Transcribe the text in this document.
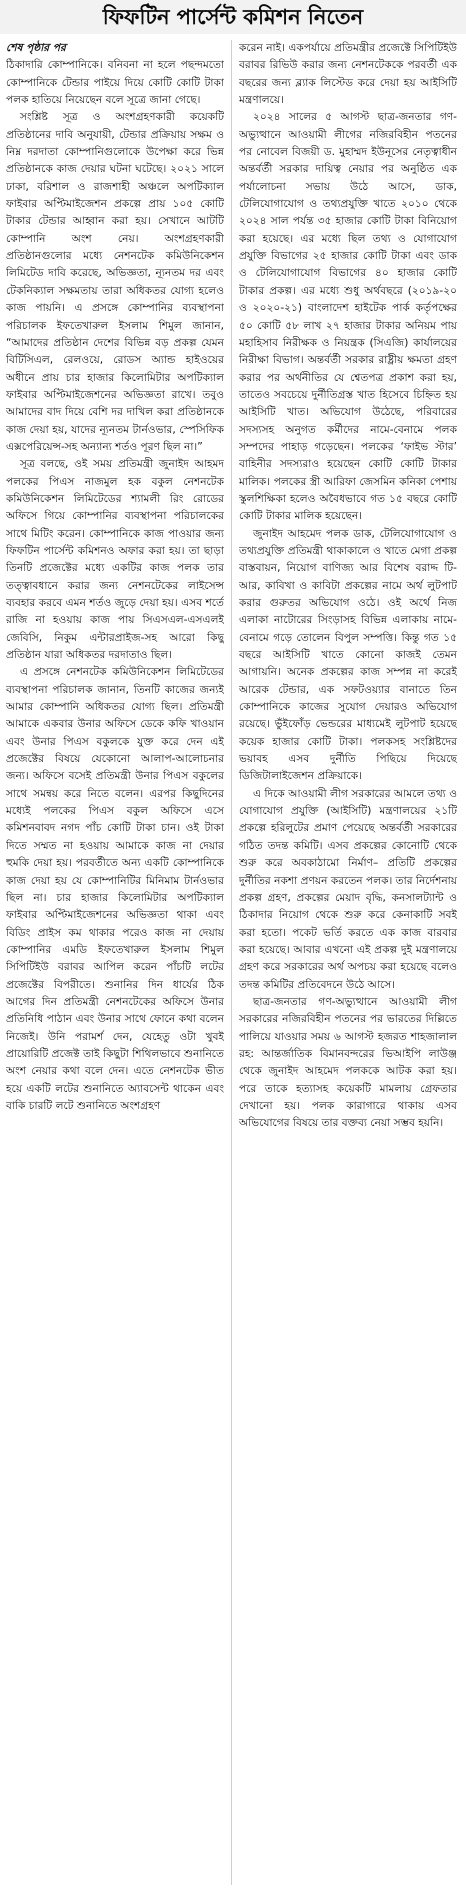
ফিফটিন পার্সেন্ট কমিশন নিতেন

শেষ পৃষ্ঠার পর

ঠিকাদারি কোম্পানিকে। বনিবনা না হলে পছন্দমতো কোম্পানিকে টেন্ডার পাইয়ে দিয়ে কোটি কোটি টাকা পলক হাতিয়ে নিয়েছেন বলে সূত্রে জানা গেছে।

সংশ্লিষ্ট সূত্র ও অংশগ্রহণকারী কয়েকটি প্রতিষ্ঠানের দাবি অনুযায়ী, টেন্ডার প্রক্রিয়ায় সক্ষম ও নিম্ন দরদাতা কোম্পানিগুলোকে উপেক্ষা করে ভিন্ন প্রতিষ্ঠানকে কাজ দেয়ার ঘটনা ঘটেছে। ২০২১ সালে ঢাকা, বরিশাল ও রাজশাহী অঞ্চলে অপটিক্যাল ফাইবার অপ্টিমাইজেশন প্রকল্পে প্রায় ১০৫ কোটি টাকার টেন্ডার আহ্বান করা হয়। সেখানে আটটি কোম্পানি অংশ নেয়। অংশগ্রহণকারী প্রতিষ্ঠানগুলোর মধ্যে নেশনটেক কমিউনিকেশন লিমিটেড দাবি করেছে, অভিজ্ঞতা, ন্যূনতম দর এবং টেকনিক্যাল সক্ষমতায় তারা অধিকতর যোগ্য হলেও কাজ পায়নি। এ প্রসঙ্গে কোম্পানির ব্যবস্থাপনা পরিচালক ইফতেখারুল ইসলাম শিমুল জানান, “আমাদের প্রতিষ্ঠান দেশের বিভিন্ন বড় প্রকল্প যেমন বিটিসিএল, রেলওয়ে, রোডস অ্যান্ড হাইওয়ের অধীনে প্রায় চার হাজার কিলোমিটার অপটিক্যাল ফাইবার অপ্টিমাইজেশনের অভিজ্ঞতা রাখে। তবুও আমাদের বাদ দিয়ে বেশি দর দাখিল করা প্রতিষ্ঠানকে কাজ দেয়া হয়, যাদের ন্যূনতম টার্নওভার, স্পেসিফিক এক্সপেরিয়েন্স-সহ অন্যান্য শর্তও পূরণ ছিল না।”

সূত্র বলছে, ওই সময় প্রতিমন্ত্রী জুনাইদ আহমদ পলকের পিএস নাজমুল হক বকুল নেশনটেক কমিউনিকেশন লিমিটেডের শ্যামলী রিং রোডের অফিসে গিয়ে কোম্পানির ব্যবস্থাপনা পরিচালকের সাথে মিটিং করেন। কোম্পানিকে কাজ পাওয়ার জন্য ফিফটিন পার্সেন্ট কমিশনও অফার করা হয়। তা ছাড়া তিনটি প্রজেক্টের মধ্যে একটির কাজ পলক তার তত্ত্বাবধানে করার জন্য নেশনটেকের লাইসেন্স ব্যবহার করবে এমন শর্তও জুড়ে দেয়া হয়। এসব শর্তে রাজি না হওয়ায় কাজ পায় সিএসএল-এসএলই জেবিসি, নিকুম এন্টারপ্রাইজ-সহ আরো কিছু প্রতিষ্ঠান যারা অধিকতর দরদাতাও ছিল।

এ প্রসঙ্গে নেশনটেক কমিউনিকেশন লিমিটেডের ব্যবস্থাপনা পরিচালক জানান, তিনটি কাজের জন্যই আমার কোম্পানি অধিকতর যোগ্য ছিল। প্রতিমন্ত্রী আমাকে একবার উনার অফিসে ডেকে কফি খাওয়ান এবং উনার পিএস বকুলকে যুক্ত করে দেন এই প্রজেক্টের বিষয়ে যেকোনো আলাপ-আলোচনার জন্য। অফিসে বসেই প্রতিমন্ত্রী উনার পিএস বকুলের সাথে সমন্বয় করে নিতে বলেন। এরপর কিছুদিনের মধ্যেই পলকের পিএস বকুল অফিসে এসে কমিশনবাবদ নগদ পাঁচ কোটি টাকা চান। ওই টাকা দিতে সম্মত না হওয়ায় আমাকে কাজ না দেয়ার হুমকি দেয়া হয়। পরবর্তীতে অন্য একটি কোম্পানিকে কাজ দেয়া হয় যে কোম্পানিটির মিনিমাম টার্নওভার ছিল না। চার হাজার কিলোমিটার অপটিক্যাল ফাইবার অপ্টিমাইজেশনের অভিজ্ঞতা থাকা এবং বিডিং প্রাইস কম থাকার পরেও কাজ না দেয়ায় কোম্পানির এমডি ইফতেখারুল ইসলাম শিমুল সিপিটিইউ বরাবর আপিল করেন পাঁচটি লটের প্রজেক্টের বিপরীতে। শুনানির দিন ধার্যের ঠিক আগের দিন প্রতিমন্ত্রী নেশনটেকের অফিসে উনার প্রতিনিধি পাঠান এবং উনার সাথে ফোনে কথা বলেন নিজেই। উনি পরামর্শ দেন, যেহেতু ওটা খুবই প্রায়োরিটি প্রজেক্ট তাই কিছুটা শিথিলভাবে শুনানিতে অংশ নেয়ার কথা বলে দেন। এতে নেশনটেক ভীত হয়ে একটি লটের শুনানিতে অ্যাবসেন্ট থাকেন এবং বাকি চারটি লটে শুনানিতে অংশগ্রহণ

করেন নাই। একপর্যায়ে প্রতিমন্ত্রীর প্রজেক্টে সিপিটিইউ বরাবর রিভিউ করার জন্য নেশনটেককে পরবর্তী এক বছরের জন্য ব্ল্যাক লিস্টেড করে দেয়া হয় আইসিটি মন্ত্রণালয়ে।

২০২৪ সালের ৫ আগস্ট ছাত্র-জনতার গণ-অভ্যুত্থানে আওয়ামী লীগের নজিরবিহীন পতনের পর নোবেল বিজয়ী ড. মুহাম্মদ ইউনূসের নেতৃত্বাধীন অন্তর্বর্তী সরকার দায়িত্ব নেয়ার পর অনুষ্ঠিত এক পর্যালোচনা সভায় উঠে আসে, ডাক, টেলিযোগাযোগ ও তথ্যপ্রযুক্তি খাতে ২০১০ থেকে ২০২৪ সাল পর্যন্ত ৩৫ হাজার কোটি টাকা বিনিয়োগ করা হয়েছে। এর মধ্যে ছিল তথ্য ও যোগাযোগ প্রযুক্তি বিভাগের ২৫ হাজার কোটি টাকা এবং ডাক ও টেলিযোগাযোগ বিভাগের ৪০ হাজার কোটি টাকার প্রকল্প। এর মধ্যে শুধু অর্থবছরে (২০১৯-২০ ও ২০২০-২১) বাংলাদেশ হাইটেক পার্ক কর্তৃপক্ষের ৫০ কোটি ৫৮ লাখ ২৭ হাজার টাকার অনিয়ম পায় মহাহিসাব নিরীক্ষক ও নিয়ন্ত্রক (সিএজি) কার্যালয়ের নিরীক্ষা বিভাগ। অন্তর্বর্তী সরকার রাষ্ট্রীয় ক্ষমতা গ্রহণ করার পর অর্থনীতির যে শ্বেতপত্র প্রকাশ করা হয়, তাতেও সবচেয়ে দুর্নীতিগ্রস্ত খাত হিসেবে চিহ্নিত হয় আইসিটি খাত। অভিযোগ উঠেছে, পরিবারের সদস্যসহ অনুগত কর্মীদের নামে-বেনামে পলক সম্পদের পাহাড় গড়েছেন। পলকের ‘ফাইভ স্টার’ বাহিনীর সদস্যরাও হয়েছেন কোটি কোটি টাকার মালিক। পলকের স্ত্রী আরিফা জেসমিন কনিকা পেশায় স্কুলশিক্ষিকা হলেও অবৈধভাবে গত ১৫ বছরে কোটি কোটি টাকার মালিক হয়েছেন।

জুনাইদ আহমেদ পলক ডাক, টেলিযোগাযোগ ও তথ্যপ্রযুক্তি প্রতিমন্ত্রী থাকাকালে ও খাতে মেগা প্রকল্প বাস্তবায়ন, নিয়োগ বাণিজ্য আর বিশেষ বরাদ্দ টি-আর, কাবিখা ও কাবিটা প্রকল্পের নামে অর্থ লুটপাট করার গুরুতর অভিযোগ ওঠে। ওই অর্থে নিজ এলাকা নাটোরের সিংড়াসহ বিভিন্ন এলাকায় নামে-বেনামে গড়ে তোলেন বিপুল সম্পত্তি। কিন্তু গত ১৫ বছরে আইসিটি খাতে কোনো কাজই তেমন আগায়নি। অনেক প্রকল্পের কাজ সম্পন্ন না করেই আরেক টেন্ডার, এক সফটওয়্যার বানাতে তিন কোম্পানিকে কাজের সুযোগ দেয়ারও অভিযোগ রয়েছে। ভুঁইফোঁড় ভেন্ডরের মাধ্যমেই লুটপাট হয়েছে কয়েক হাজার কোটি টাকা। পলকসহ সংশ্লিষ্টদের ভয়াবহ এসব দুর্নীতি পিছিয়ে দিয়েছে ডিজিটালাইজেশন প্রক্রিয়াকে।

এ দিকে আওয়ামী লীগ সরকারের আমলে তথ্য ও যোগাযোগ প্রযুক্তি (আইসিটি) মন্ত্রণালয়ের ২১টি প্রকল্পে হরিলুটের প্রমাণ পেয়েছে অন্তর্বর্তী সরকারের গঠিত তদন্ত কমিটি। এসব প্রকল্পের কোনোটি থেকে শুরু করে অবকাঠামো নির্মাণ– প্রতিটি প্রকল্পের দুর্নীতির নকশা প্রণয়ন করতেন পলক। তার নির্দেশনায় প্রকল্প গ্রহণ, প্রকল্পের মেয়াদ বৃদ্ধি, কনসালট্যান্ট ও ঠিকাদার নিয়োগ থেকে শুরু করে কেনাকাটি সবই করা হতো। পকেট ভর্তি করতে এক কাজ বারবার করা হয়েছে। আবার এখনো এই প্রকল্প দুই মন্ত্রণালয়ে গ্রহণ করে সরকারের অর্থ অপচয় করা হয়েছে বলেও তদন্ত কমিটির প্রতিবেদনে উঠে আসে।

ছাত্র-জনতার গণ-অভ্যুত্থানে আওয়ামী লীগ সরকারের নজিরবিহীন পতনের পর ভারতের দিল্লিতে পালিয়ে যাওয়ার সময় ৬ আগস্ট হজরত শাহজালাল রহ: আন্তর্জাতিক বিমানবন্দরের ভিআইপি লাউঞ্জ থেকে জুনাইদ আহমেদ পলককে আটক করা হয়। পরে তাকে হত্যাসহ কয়েকটি মামলায় গ্রেফতার দেখানো হয়। পলক কারাগারে থাকায় এসব অভিযোগের বিষয়ে তার বক্তব্য নেয়া সম্ভব হয়নি।
